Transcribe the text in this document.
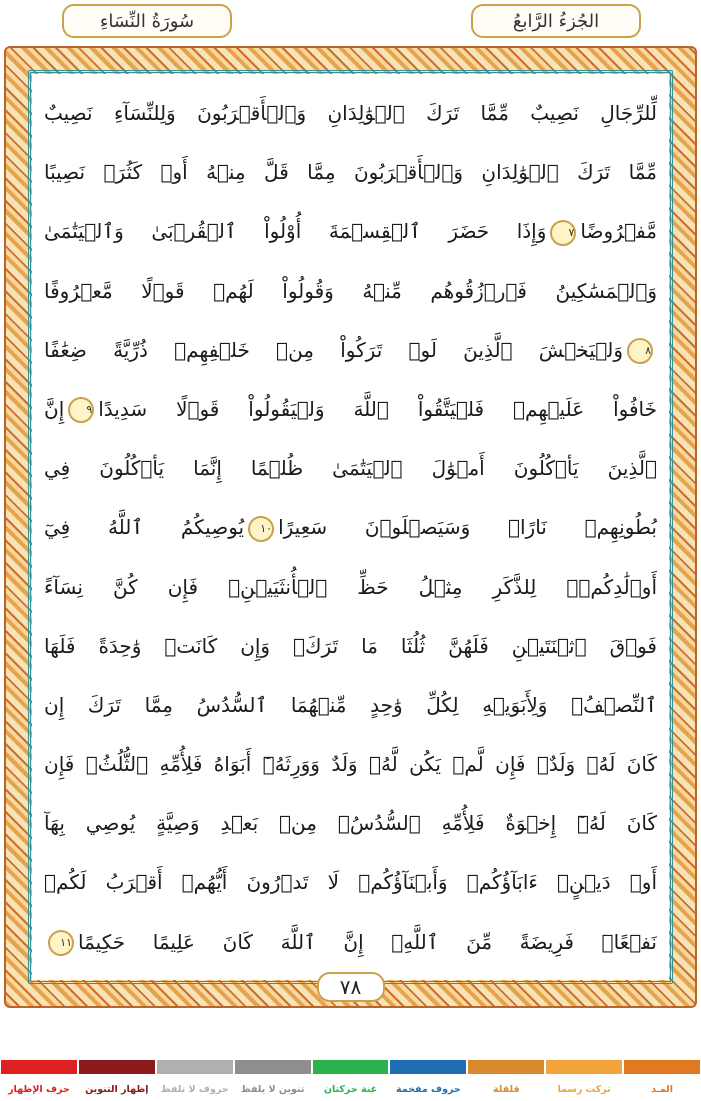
سُورَةُ النِّسَاءِ	الجُزءُ الرَّابعُ
لِّلرِّجَالِ نَصِيبٌ مِّمَّا تَرَكَ ٱلۡوَٰلِدَانِ وَٱلۡأَقۡرَبُونَ وَلِلنِّسَآءِ نَصِيبٌ
مِّمَّا تَرَكَ ٱلۡوَٰلِدَانِ وَٱلۡأَقۡرَبُونَ مِمَّا قَلَّ مِنۡهُ أَوۡ كَثُرَۚ نَصِيبًا
مَّفۡرُوضًا٧وَإِذَا حَضَرَ ٱلۡقِسۡمَةَ أُوْلُواْ ٱلۡقُرۡبَىٰ وَٱلۡيَتَٰمَىٰ
وَٱلۡمَسَٰكِينُ فَٱرۡزُقُوهُم مِّنۡهُ وَقُولُواْ لَهُمۡ قَوۡلًا مَّعۡرُوفًا
٨وَلۡيَخۡشَ ٱلَّذِينَ لَوۡ تَرَكُواْ مِنۡ خَلۡفِهِمۡ ذُرِّيَّةً ضِعَٰفًا
خَافُواْ عَلَيۡهِمۡ فَلۡيَتَّقُواْ ٱللَّهَ وَلۡيَقُولُواْ قَوۡلًا سَدِيدًا٩إِنَّ
ٱلَّذِينَ يَأۡكُلُونَ أَمۡوَٰلَ ٱلۡيَتَٰمَىٰ ظُلۡمًا إِنَّمَا يَأۡكُلُونَ فِي
بُطُونِهِمۡ نَارًاۖ وَسَيَصۡلَوۡنَ سَعِيرًا١٠يُوصِيكُمُ ٱللَّهُ فِيٓ
أَوۡلَٰدِكُمۡۖ لِلذَّكَرِ مِثۡلُ حَظِّ ٱلۡأُنثَيَيۡنِۚ فَإِن كُنَّ نِسَآءً
فَوۡقَ ٱثۡنَتَيۡنِ فَلَهُنَّ ثُلُثَا مَا تَرَكَۖ وَإِن كَانَتۡ وَٰحِدَةً فَلَهَا
ٱلنِّصۡفُۚ وَلِأَبَوَيۡهِ لِكُلِّ وَٰحِدٍ مِّنۡهُمَا ٱلسُّدُسُ مِمَّا تَرَكَ إِن
كَانَ لَهُۥ وَلَدٌۚ فَإِن لَّمۡ يَكُن لَّهُۥ وَلَدٌ وَوَرِثَهُۥٓ أَبَوَاهُ فَلِأُمِّهِ ٱلثُّلُثُۚ فَإِن
كَانَ لَهُۥٓ إِخۡوَةٌ فَلِأُمِّهِ ٱلسُّدُسُۚ مِنۢ بَعۡدِ وَصِيَّةٍ يُوصِي بِهَآ
أَوۡ دَيۡنٍۗ ءَابَآؤُكُمۡ وَأَبۡنَآؤُكُمۡ لَا تَدۡرُونَ أَيُّهُمۡ أَقۡرَبُ لَكُمۡ
نَفۡعًاۚ فَرِيضَةً مِّنَ ٱللَّهِۗ إِنَّ ٱللَّهَ كَانَ عَلِيمًا حَكِيمًا١١
٧٨
المـد
تركت رسما
قلقلة
حروف مفخمة
غنة حركتان
تنوين لا يلفظ
حروف لا تلفظ
إظهار التنوين
حرف الإظهار
